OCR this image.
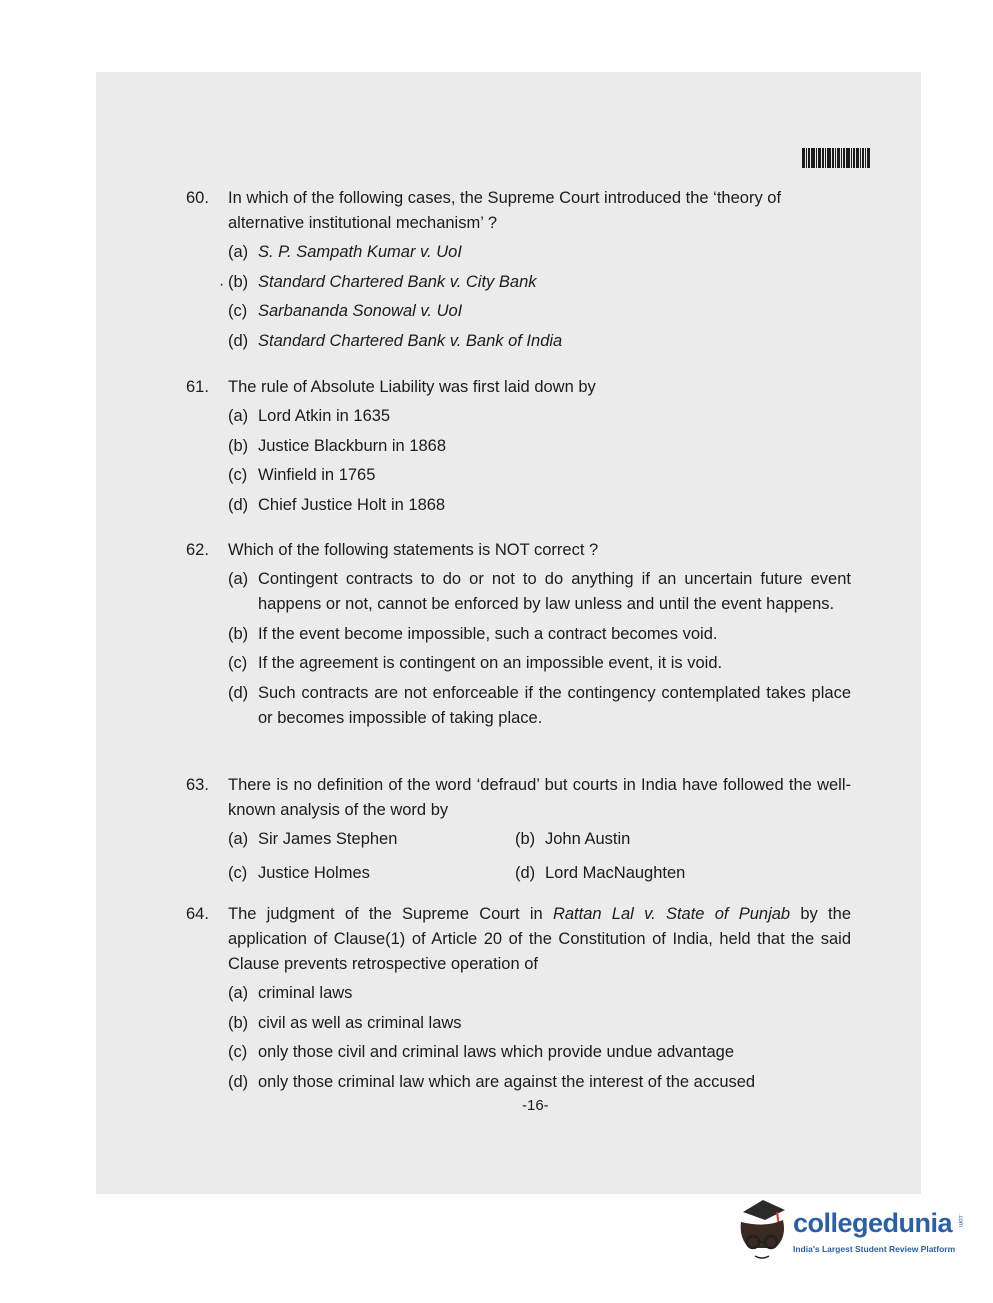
60.	In which of the following cases, the Supreme Court introduced the ‘theory of alternative institutional mechanism’ ?
(a) S. P. Sampath Kumar v. UoI
(b) Standard Chartered Bank v. City Bank
(c) Sarbananda Sonowal v. UoI
(d) Standard Chartered Bank v. Bank of India
·
61.	The rule of Absolute Liability was first laid down by
(a) Lord Atkin in 1635
(b) Justice Blackburn in 1868
(c) Winfield in 1765
(d) Chief Justice Holt in 1868
62.	Which of the following statements is NOT correct ?
(a) Contingent contracts to do or not to do anything if an uncertain future event happens or not, cannot be enforced by law unless and until the event happens.
(b) If the event become impossible, such a contract becomes void.
(c) If the agreement is contingent on an impossible event, it is void.
(d) Such contracts are not enforceable if the contingency contemplated takes place or becomes impossible of taking place.
63.	There is no definition of the word ‘defraud’ but courts in India have followed the well-known analysis of the word by
(a) Sir James Stephen	(b) John Austin
(c) Justice Holmes	(d) Lord MacNaughten
64.	The judgment of the Supreme Court in Rattan Lal v. State of Punjab by the application of Clause(1) of Article 20 of the Constitution of India, held that the said Clause prevents retrospective operation of
(a) criminal laws
(b) civil as well as criminal laws
(c) only those civil and criminal laws which provide undue advantage
(d) only those criminal law which are against the interest of the accused
-16-
collegedunia .com
India's Largest Student Review Platform
